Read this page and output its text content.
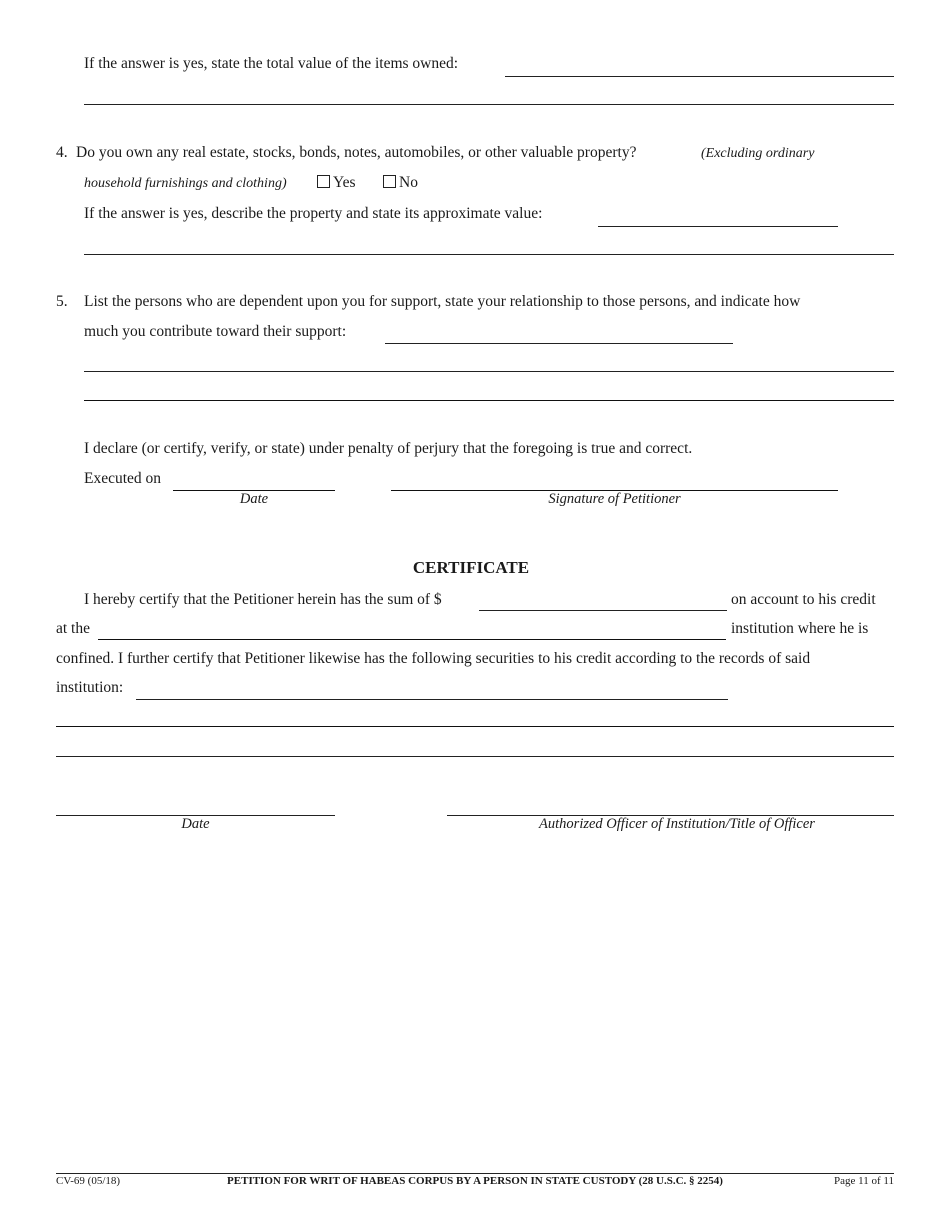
If the answer is yes, state the total value of the items owned:
4. Do you own any real estate, stocks, bonds, notes, automobiles, or other valuable property?	(Excluding ordinary
household furnishings and clothing)	Yes	No
If the answer is yes, describe the property and state its approximate value:
5. List the persons who are dependent upon you for support, state your relationship to those persons, and indicate how
much you contribute toward their support:
I declare (or certify, verify, or state) under penalty of perjury that the foregoing is true and correct.
Executed on
Date	Signature of Petitioner
CERTIFICATE
I hereby certify that the Petitioner herein has the sum of $	on account to his credit
at the	institution where he is
confined. I further certify that Petitioner likewise has the following securities to his credit according to the records of said
institution:
Date	Authorized Officer of Institution/Title of Officer
CV-69 (05/18)	PETITION FOR WRIT OF HABEAS CORPUS BY A PERSON IN STATE CUSTODY (28 U.S.C. § 2254)	Page 11 of 11
